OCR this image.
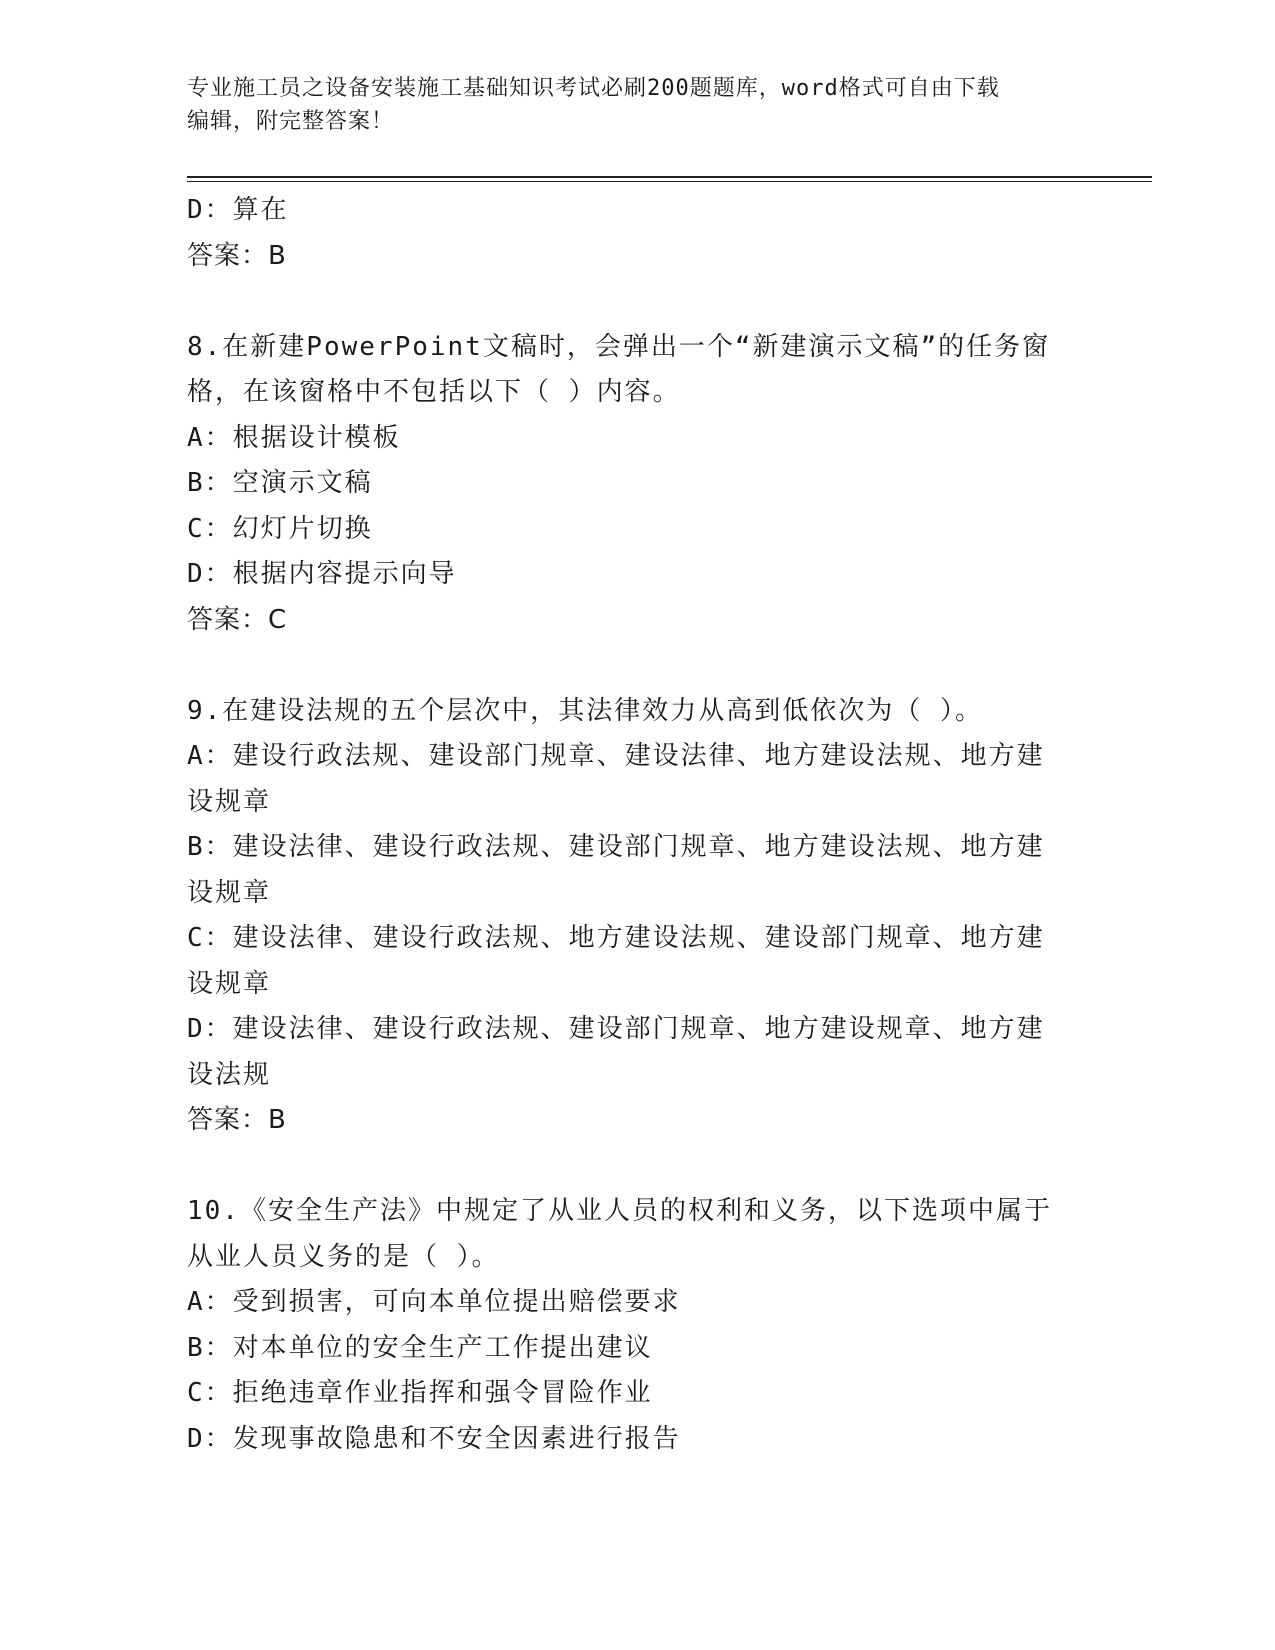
专业施工员之设备安装施工基础知识考试必刷200题题库，word格式可自由下载
编辑，附完整答案！
D：算在
答案：B
8.在新建PowerPoint文稿时，会弹出一个“新建演示文稿”的任务窗
格，在该窗格中不包括以下（ ）内容。
A：根据设计模板
B：空演示文稿
C：幻灯片切换
D：根据内容提示向导
答案：C
9.在建设法规的五个层次中，其法律效力从高到低依次为（ ）。
A：建设行政法规、建设部门规章、建设法律、地方建设法规、地方建
设规章
B：建设法律、建设行政法规、建设部门规章、地方建设法规、地方建
设规章
C：建设法律、建设行政法规、地方建设法规、建设部门规章、地方建
设规章
D：建设法律、建设行政法规、建设部门规章、地方建设规章、地方建
设法规
答案：B
10.《安全生产法》中规定了从业人员的权利和义务，以下选项中属于
从业人员义务的是（ ）。
A：受到损害，可向本单位提出赔偿要求
B：对本单位的安全生产工作提出建议
C：拒绝违章作业指挥和强令冒险作业
D：发现事故隐患和不安全因素进行报告
